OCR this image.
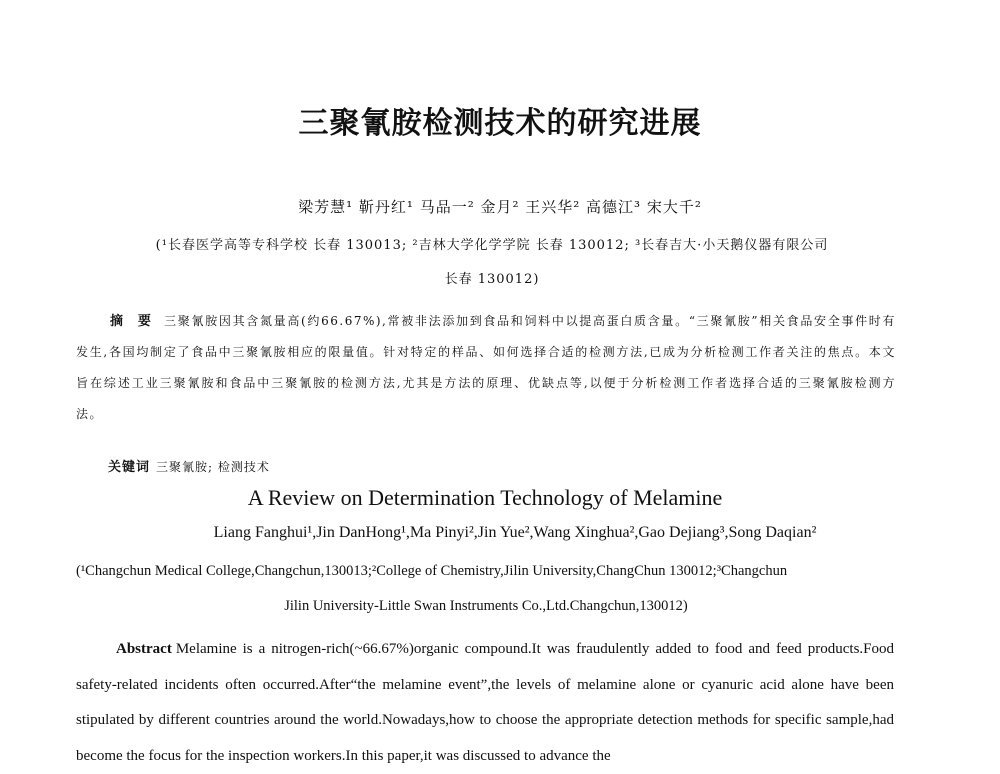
三聚氰胺检测技术的研究进展
梁芳慧¹ 靳丹红¹ 马品一² 金月² 王兴华² 高德江³ 宋大千²
(¹长春医学高等专科学校 长春 130013; ²吉林大学化学学院 长春 130012; ³长春吉大·小天鹅仪器有限公司
长春 130012)
摘 要 三聚氰胺因其含氮量高(约66.67%),常被非法添加到食品和饲料中以提高蛋白质含量。“三聚氰胺”相关食品安全事件时有发生,各国均制定了食品中三聚氰胺相应的限量值。针对特定的样品、如何选择合适的检测方法,已成为分析检测工作者关注的焦点。本文旨在综述工业三聚氰胺和食品中三聚氰胺的检测方法,尤其是方法的原理、优缺点等,以便于分析检测工作者选择合适的三聚氰胺检测方法。
关键词 三聚氰胺; 检测技术
A Review on Determination Technology of Melamine
Liang Fanghui¹,Jin DanHong¹,Ma Pinyi²,Jin Yue²,Wang Xinghua²,Gao Dejiang³,Song Daqian²
(¹Changchun Medical College,Changchun,130013;²College of Chemistry,Jilin University,ChangChun 130012;³Changchun
Jilin University-Little Swan Instruments Co.,Ltd.Changchun,130012)
Abstract Melamine is a nitrogen-rich(~66.67%)organic compound.It was fraudulently added to food and feed products.Food safety-related incidents often occurred.After“the melamine event”,the levels of melamine alone or cyanuric acid alone have been stipulated by different countries around the world.Nowadays,how to choose the appropriate detection methods for specific sample,had become the focus for the inspection workers.In this paper,it was discussed to advance the
